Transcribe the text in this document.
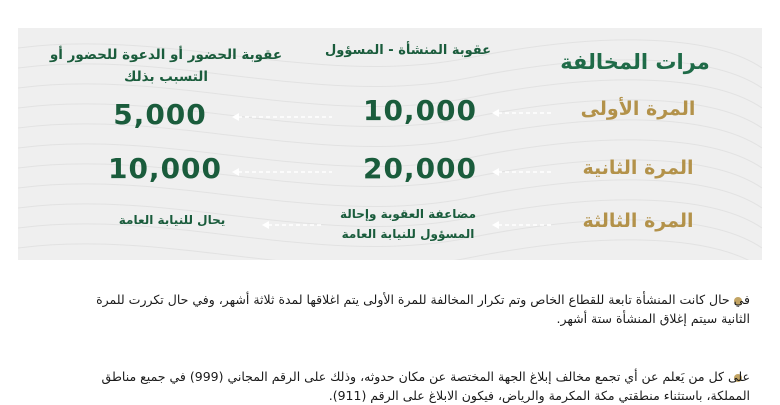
مرات المخالفة
عقوبة المنشأة - المسؤول
عقوبة الحضور أو الدعوة للحضور أو التسبب بذلك
المرة الأولى
10,000
5,000
المرة الثانية
20,000
10,000
المرة الثالثة
مضاعفة العقوبة وإحالة المسؤول للنيابة العامة
يحال للنيابة العامة
في حال كانت المنشأة تابعة للقطاع الخاص وتم تكرار المخالفة للمرة الأولى يتم اغلاقها لمدة ثلاثة أشهر، وفي حال تكررت للمرة الثانية سيتم إغلاق المنشأة ستة أشهر.
على كل من يَعلم عن أي تجمع مخالف إبلاغ الجهة المختصة عن مكان حدوثه، وذلك على الرقم المجاني (999) في جميع مناطق المملكة، باستثناء منطقتي مكة المكرمة والرياض، فيكون الابلاغ على الرقم (911).
